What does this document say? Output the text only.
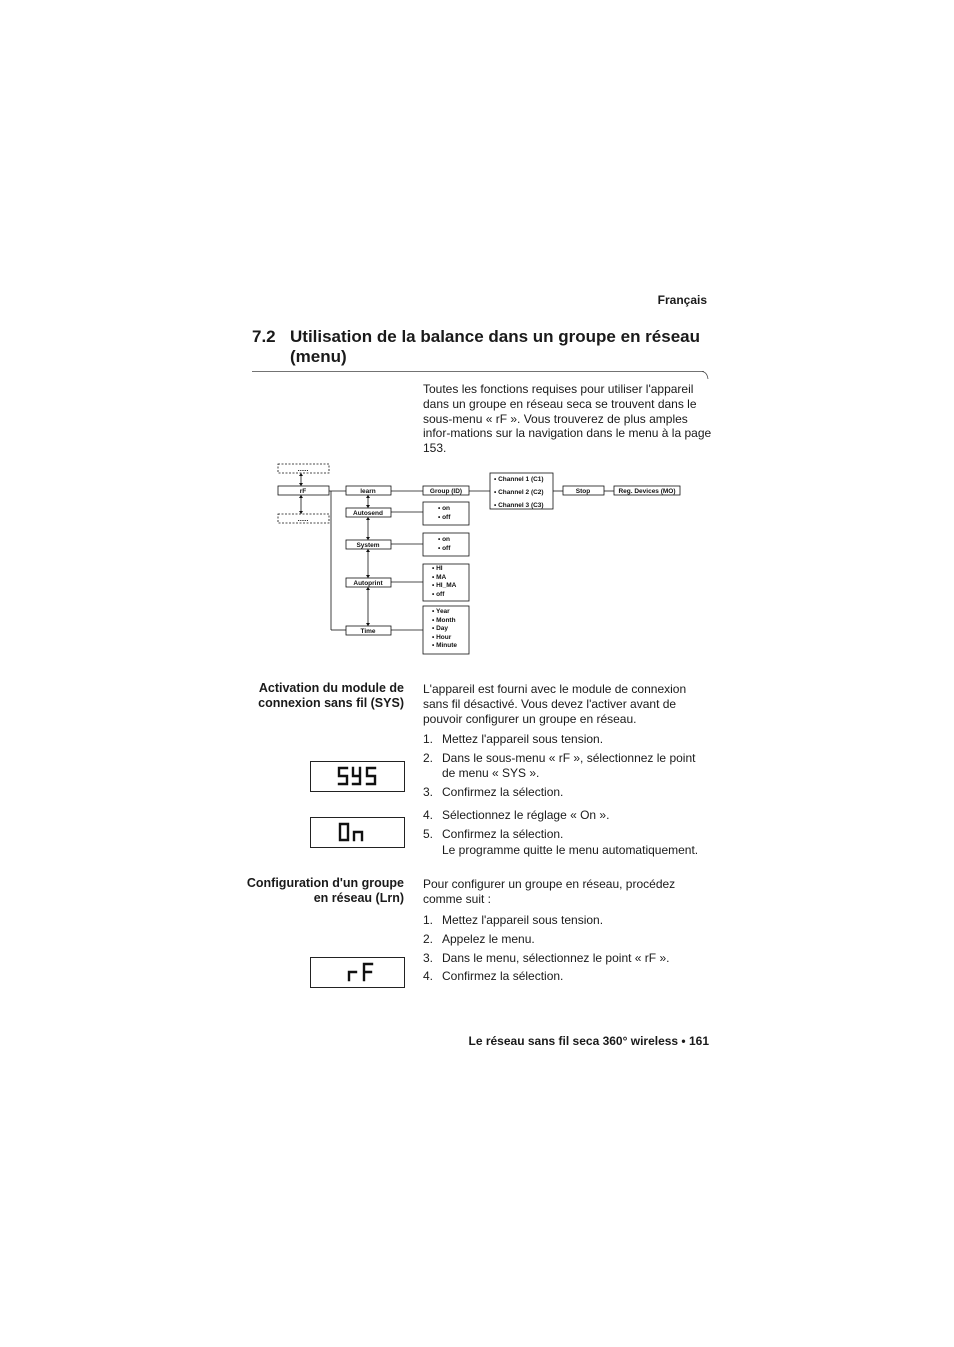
Français
7.2 Utilisation de la balance dans un groupe en réseau
(menu)
Toutes les fonctions requises pour utiliser l'appareil dans un groupe en réseau seca se trouvent dans le sous-menu « rF ». Vous trouverez de plus amples infor-mations sur la navigation dans le menu à la page 153.
......
rF
......
learn
Autosend
System
Autoprint
Time
Group (ID)	Stop	Reg. Devices (MO)
• Channel 1 (C1)
• Channel 2 (C2)
• Channel 3 (C3)
• on
• off
• on
• off
• HI
• MA
• HI_MA
• off
• Year
• Month
• Day
• Hour
• Minute
Activation du module de connexion sans fil (SYS)
L'appareil est fourni avec le module de connexion sans fil désactivé. Vous devez l'activer avant de pouvoir configurer un groupe en réseau.
1. Mettez l'appareil sous tension.
2. Dans le sous-menu « rF », sélectionnez le point de menu « SYS ».
3. Confirmez la sélection.
4. Sélectionnez le réglage « On ».
5. Confirmez la sélection.
Le programme quitte le menu automatiquement.
Configuration d'un groupe en réseau (Lrn)
Pour configurer un groupe en réseau, procédez comme suit :
1. Mettez l'appareil sous tension.
2. Appelez le menu.
3. Dans le menu, sélectionnez le point « rF ».
4. Confirmez la sélection.
Le réseau sans fil seca 360° wireless • 161
